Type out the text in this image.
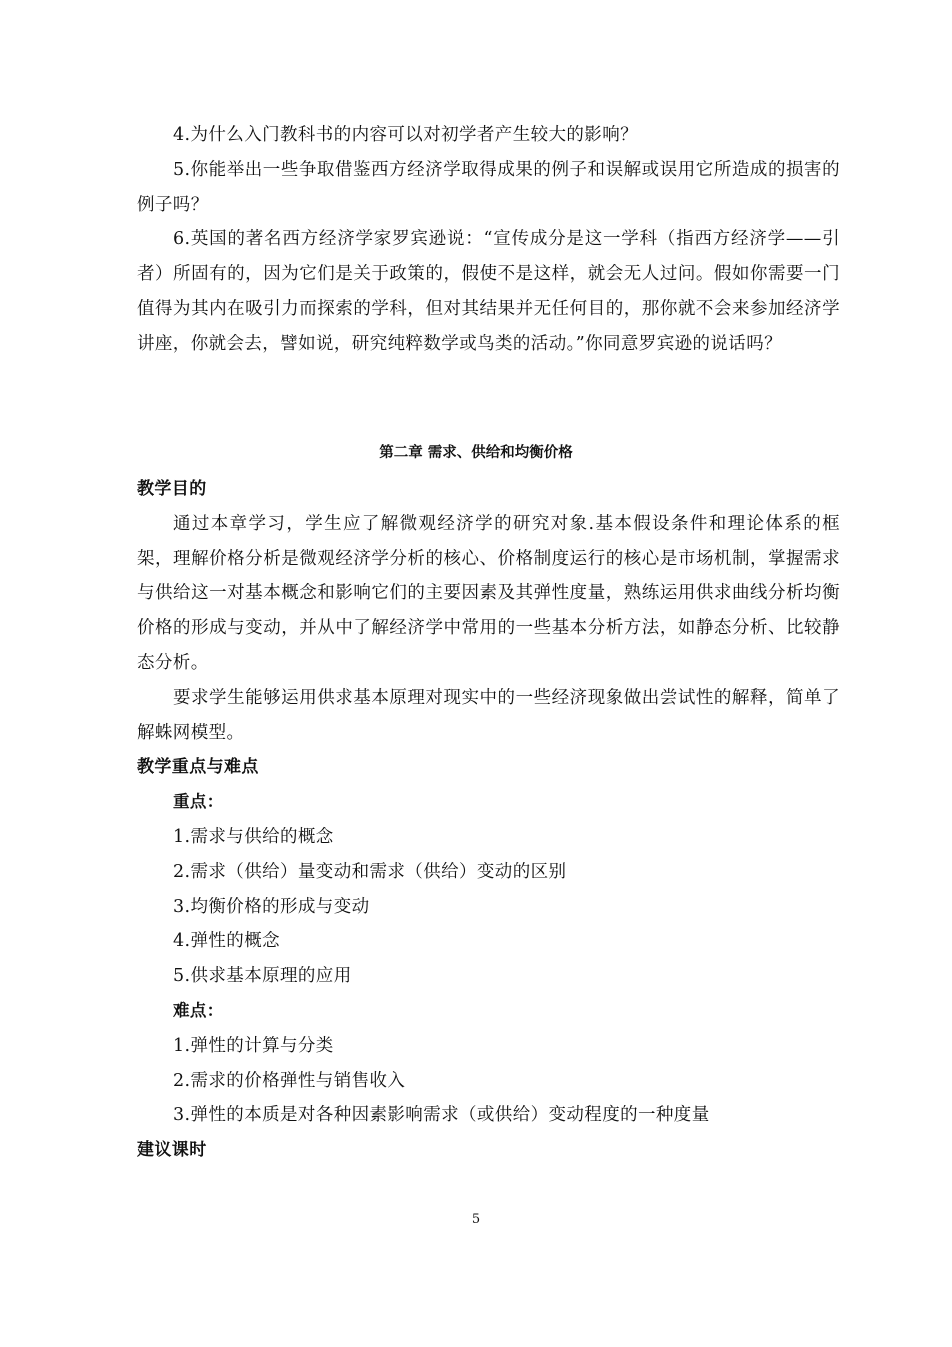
4.为什么入门教科书的内容可以对初学者产生较大的影响？

5.你能举出一些争取借鉴西方经济学取得成果的例子和误解或误用它所造成的损害的例子吗？

6.英国的著名西方经济学家罗宾逊说：“宣传成分是这一学科（指西方经济学——引者）所固有的，因为它们是关于政策的，假使不是这样，就会无人过问。假如你需要一门值得为其内在吸引力而探索的学科，但对其结果并无任何目的，那你就不会来参加经济学讲座，你就会去，譬如说，研究纯粹数学或鸟类的活动。”你同意罗宾逊的说话吗？

第二章 需求、供给和均衡价格

教学目的

通过本章学习，学生应了解微观经济学的研究对象.基本假设条件和理论体系的框架，理解价格分析是微观经济学分析的核心、价格制度运行的核心是市场机制，掌握需求与供给这一对基本概念和影响它们的主要因素及其弹性度量，熟练运用供求曲线分析均衡价格的形成与变动，并从中了解经济学中常用的一些基本分析方法，如静态分析、比较静态分析。

要求学生能够运用供求基本原理对现实中的一些经济现象做出尝试性的解释，简单了解蛛网模型。

教学重点与难点

重点：

1.需求与供给的概念

2.需求（供给）量变动和需求（供给）变动的区别

3.均衡价格的形成与变动

4.弹性的概念

5.供求基本原理的应用

难点：

1.弹性的计算与分类

2.需求的价格弹性与销售收入

3.弹性的本质是对各种因素影响需求（或供给）变动程度的一种度量

建议课时

5
